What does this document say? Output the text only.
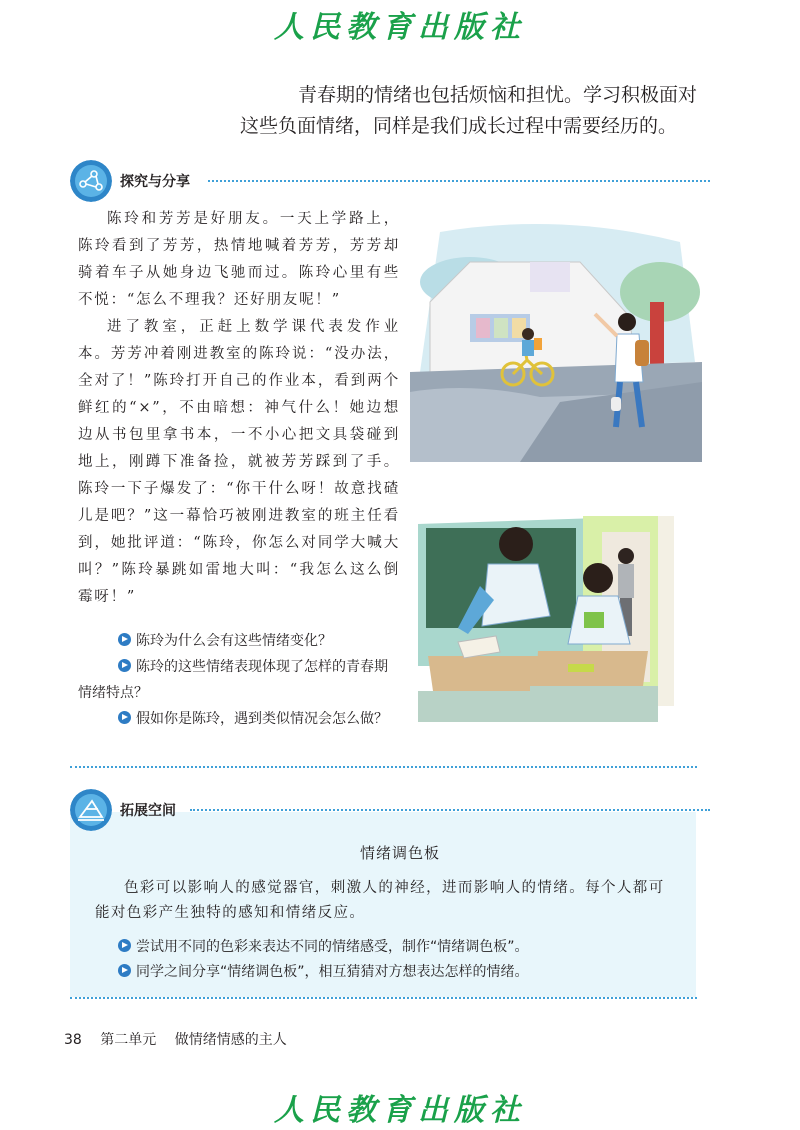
人民教育出版社
青春期的情绪也包括烦恼和担忧。学习积极面对这些负面情绪，同样是我们成长过程中需要经历的。
探究与分享

陈玲和芳芳是好朋友。一天上学路上，陈玲看到了芳芳，热情地喊着芳芳，芳芳却骑着车子从她身边飞驰而过。陈玲心里有些不悦：“怎么不理我？还好朋友呢！”

进了教室，正赶上数学课代表发作业本。芳芳冲着刚进教室的陈玲说：“没办法，全对了！”陈玲打开自己的作业本，看到两个鲜红的“×”，不由暗想：神气什么！她边想边从书包里拿书本，一不小心把文具袋碰到地上，刚蹲下准备捡，就被芳芳踩到了手。陈玲一下子爆发了：“你干什么呀！故意找碴儿是吧？”这一幕恰巧被刚进教室的班主任看到，她批评道：“陈玲，你怎么对同学大喊大叫？”陈玲暴跳如雷地大叫：“我怎么这么倒霉呀！”

陈玲为什么会有这些情绪变化？

陈玲的这些情绪表现体现了怎样的青春期情绪特点？

假如你是陈玲，遇到类似情况会怎么做？

拓展空间
情绪调色板
色彩可以影响人的感觉器官，刺激人的神经，进而影响人的情绪。每个人都可能对色彩产生独特的感知和情绪反应。
尝试用不同的色彩来表达不同的情绪感受，制作“情绪调色板”。
同学之间分享“情绪调色板”，相互猜猜对方想表达怎样的情绪。
38 第二单元 做情绪情感的主人
人民教育出版社
